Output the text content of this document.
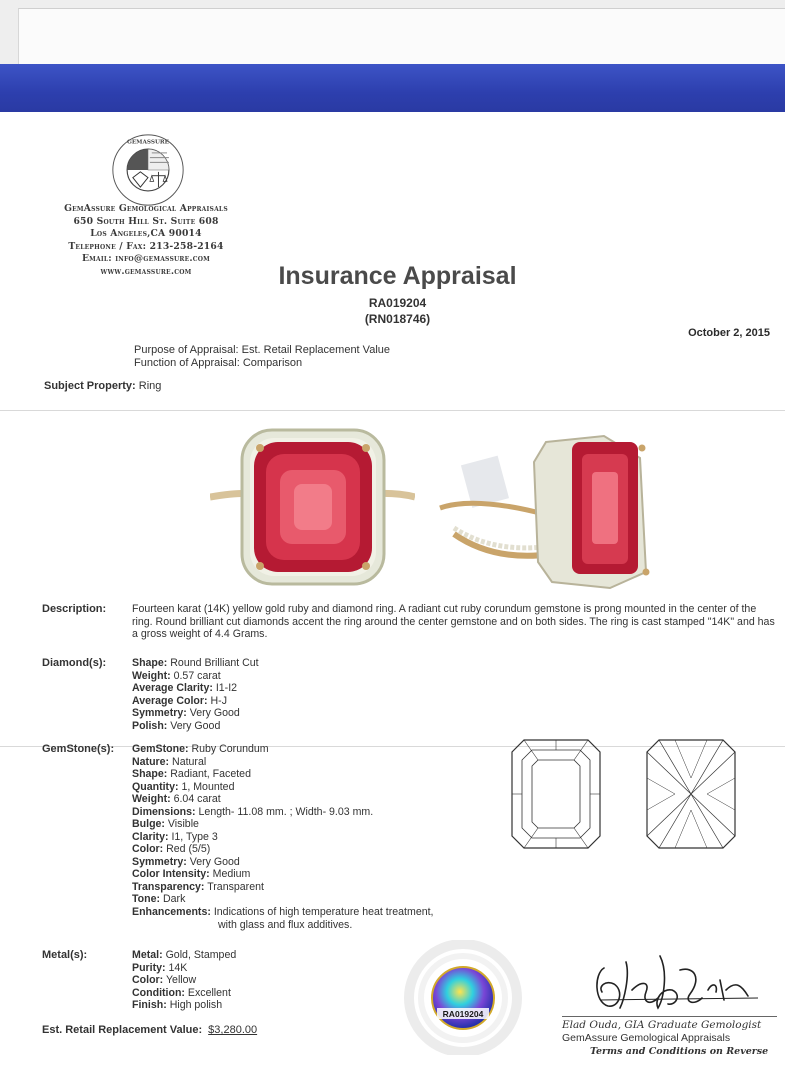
GEMASSURE
GemAssure Gemological Appraisals
650 South Hill St. Suite 608
Los Angeles,CA 90014
Telephone / Fax: 213-258-2164
Email: info@gemassure.com
www.gemassure.com	Insurance Appraisal
RA019204
(RN018746)
October 2, 2015
Purpose of Appraisal: Est. Retail Replacement Value
Function of Appraisal: Comparison
Subject Property: Ring
Description: Fourteen karat (14K) yellow gold ruby and diamond ring. A radiant cut ruby corundum gemstone is prong mounted in the center of the ring. Round brilliant cut diamonds accent the ring around the center gemstone and on both sides. The ring is cast stamped "14K" and has a gross weight of 4.4 Grams.
Diamond(s): Shape: Round Brilliant Cut
Weight: 0.57 carat
Average Clarity: I1-I2
Average Color: H-J
Symmetry: Very Good
Polish: Very Good
GemStone(s): GemStone: Ruby Corundum
Nature: Natural
Shape: Radiant, Faceted
Quantity: 1, Mounted
Weight: 6.04 carat
Dimensions: Length- 11.08 mm. ; Width- 9.03 mm.
Bulge: Visible
Clarity: I1, Type 3
Color: Red (5/5)
Symmetry: Very Good
Color Intensity: Medium
Transparency: Transparent
Tone: Dark
Enhancements: Indications of high temperature heat treatment,
with glass and flux additives.
Metal(s):	Metal: Gold, Stamped
Purity: 14K
Color: Yellow
Condition: Excellent
Finish: High polish
RA019204
Elad Ouda, GIA Graduate Gemologist
GemAssure Gemological Appraisals
Terms and Conditions on Reverse
Est. Retail Replacement Value: $3,280.00
